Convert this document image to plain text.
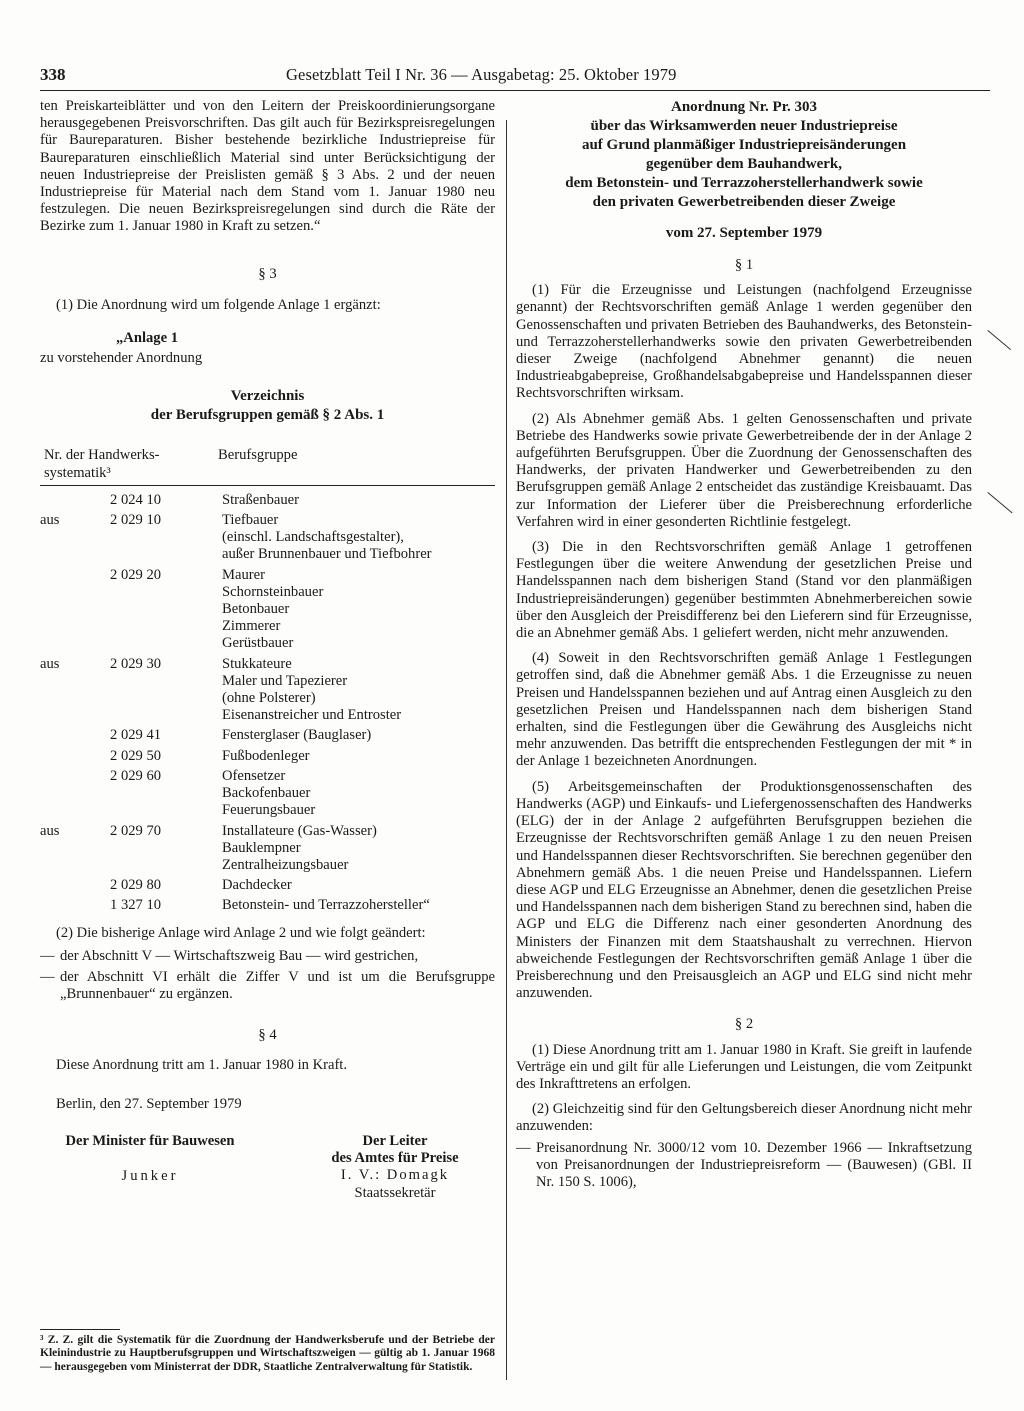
338	Gesetzblatt Teil I Nr. 36 — Ausgabetag: 25. Oktober 1979

ten Preiskarteiblätter und von den Leitern der Preiskoordinierungsorgane herausgegebenen Preisvorschriften. Das gilt auch für Bezirkspreisregelungen für Baureparaturen. Bisher bestehende bezirkliche Industriepreise für Baureparaturen einschließlich Material sind unter Berücksichtigung der neuen Industriepreise der Preislisten gemäß § 3 Abs. 2 und der neuen Industriepreise für Material nach dem Stand vom 1. Januar 1980 neu festzulegen. Die neuen Bezirkspreisregelungen sind durch die Räte der Bezirke zum 1. Januar 1980 in Kraft zu setzen.“

§ 3

(1) Die Anordnung wird um folgende Anlage 1 ergänzt:

„Anlage 1
zu vorstehender Anordnung
Verzeichnis
der Berufsgruppen gemäß § 2 Abs. 1
Nr. der Handwerks-
systematik³
Berufsgruppe
	2 024 10	Straßenbauer
aus	2 029 10	Tiefbauer
		(einschl. Landschaftsgestalter),
		außer Brunnenbauer und Tiefbohrer
	2 029 20	Maurer
		Schornsteinbauer
		Betonbauer
		Zimmerer
		Gerüstbauer
aus	2 029 30	Stukkateure
		Maler und Tapezierer
		(ohne Polsterer)
		Eisenanstreicher und Entroster
	2 029 41	Fensterglaser (Bauglaser)
	2 029 50	Fußbodenleger
	2 029 60	Ofensetzer
		Backofenbauer
		Feuerungsbauer
aus	2 029 70	Installateure (Gas-Wasser)
		Bauklempner
		Zentralheizungsbauer
	2 029 80	Dachdecker
	1 327 10	Betonstein- und Terrazzohersteller“

(2) Die bisherige Anlage wird Anlage 2 und wie folgt geändert:

— der Abschnitt V — Wirtschaftszweig Bau — wird gestrichen,
— der Abschnitt VI erhält die Ziffer V und ist um die Berufsgruppe „Brunnenbauer“ zu ergänzen.
§ 4

Diese Anordnung tritt am 1. Januar 1980 in Kraft.

Berlin, den 27. September 1979

Der Minister für Bauwesen
Junker
Der Leiter
des Amtes für Preise
I. V.: Domagk
Staatssekretär
³ Z. Z. gilt die Systematik für die Zuordnung der Handwerksberufe und der Betriebe der Kleinindustrie zu Hauptberufsgruppen und Wirtschaftszweigen — gültig ab 1. Januar 1968 — herausgegeben vom Ministerrat der DDR, Staatliche Zentralverwaltung für Statistik.
Anordnung Nr. Pr. 303
über das Wirksamwerden neuer Industriepreise
auf Grund planmäßiger Industriepreisänderungen
gegenüber dem Bauhandwerk,
dem Betonstein- und Terrazzoherstellerhandwerk sowie
den privaten Gewerbetreibenden dieser Zweige
vom 27. September 1979
§ 1

(1) Für die Erzeugnisse und Leistungen (nachfolgend Erzeugnisse genannt) der Rechtsvorschriften gemäß Anlage 1 werden gegenüber den Genossenschaften und privaten Betrieben des Bauhandwerks, des Betonstein- und Terrazzoherstellerhandwerks sowie den privaten Gewerbetreibenden dieser Zweige (nachfolgend Abnehmer genannt) die neuen Industrieabgabepreise, Großhandelsabgabepreise und Handelsspannen dieser Rechtsvorschriften wirksam.

(2) Als Abnehmer gemäß Abs. 1 gelten Genossenschaften und private Betriebe des Handwerks sowie private Gewerbetreibende der in der Anlage 2 aufgeführten Berufsgruppen. Über die Zuordnung der Genossenschaften des Handwerks, der privaten Handwerker und Gewerbetreibenden zu den Berufsgruppen gemäß Anlage 2 entscheidet das zuständige Kreisbauamt. Das zur Information der Lieferer über die Preisberechnung erforderliche Verfahren wird in einer gesonderten Richtlinie festgelegt.

(3) Die in den Rechtsvorschriften gemäß Anlage 1 getroffenen Festlegungen über die weitere Anwendung der gesetzlichen Preise und Handelsspannen nach dem bisherigen Stand (Stand vor den planmäßigen Industriepreisänderungen) gegenüber bestimmten Abnehmerbereichen sowie über den Ausgleich der Preisdifferenz bei den Lieferern sind für Erzeugnisse, die an Abnehmer gemäß Abs. 1 geliefert werden, nicht mehr anzuwenden.

(4) Soweit in den Rechtsvorschriften gemäß Anlage 1 Festlegungen getroffen sind, daß die Abnehmer gemäß Abs. 1 die Erzeugnisse zu neuen Preisen und Handelsspannen beziehen und auf Antrag einen Ausgleich zu den gesetzlichen Preisen und Handelsspannen nach dem bisherigen Stand erhalten, sind die Festlegungen über die Gewährung des Ausgleichs nicht mehr anzuwenden. Das betrifft die entsprechenden Festlegungen der mit * in der Anlage 1 bezeichneten Anordnungen.

(5) Arbeitsgemeinschaften der Produktionsgenossenschaften des Handwerks (AGP) und Einkaufs- und Liefergenossenschaften des Handwerks (ELG) der in der Anlage 2 aufgeführten Berufsgruppen beziehen die Erzeugnisse der Rechtsvorschriften gemäß Anlage 1 zu den neuen Preisen und Handelsspannen dieser Rechtsvorschriften. Sie berechnen gegenüber den Abnehmern gemäß Abs. 1 die neuen Preise und Handelsspannen. Liefern diese AGP und ELG Erzeugnisse an Abnehmer, denen die gesetzlichen Preise und Handelsspannen nach dem bisherigen Stand zu berechnen sind, haben die AGP und ELG die Differenz nach einer gesonderten Anordnung des Ministers der Finanzen mit dem Staatshaushalt zu verrechnen. Hiervon abweichende Festlegungen der Rechtsvorschriften gemäß Anlage 1 über die Preisberechnung und den Preisausgleich an AGP und ELG sind nicht mehr anzuwenden.

§ 2

(1) Diese Anordnung tritt am 1. Januar 1980 in Kraft. Sie greift in laufende Verträge ein und gilt für alle Lieferungen und Leistungen, die vom Zeitpunkt des Inkrafttretens an erfolgen.

(2) Gleichzeitig sind für den Geltungsbereich dieser Anordnung nicht mehr anzuwenden:

— Preisanordnung Nr. 3000/12 vom 10. Dezember 1966 — Inkraftsetzung von Preisanordnungen der Industriepreisreform — (Bauwesen) (GBl. II Nr. 150 S. 1006),
